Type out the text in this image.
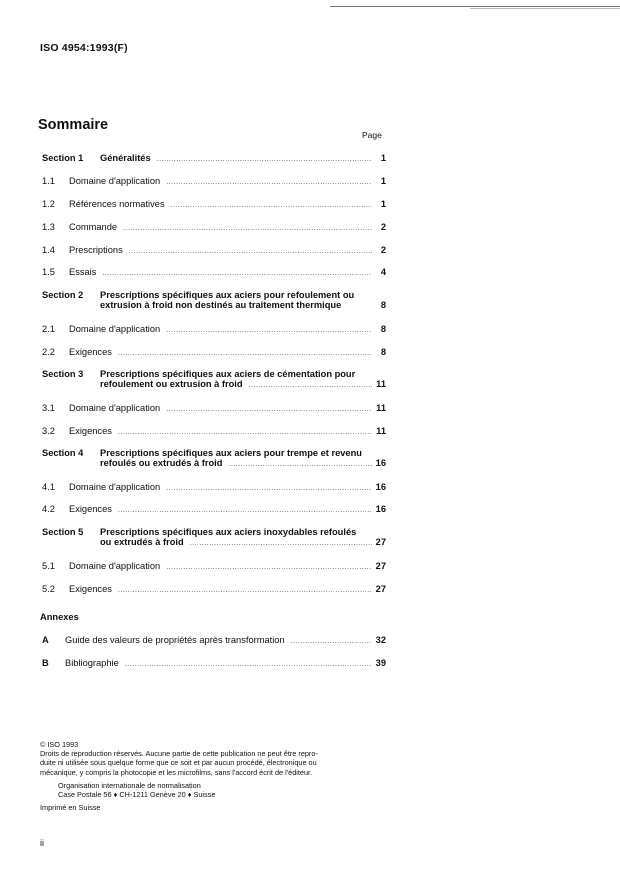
ISO 4954:1993(F)
Sommaire
Page
Section 1	Généralités .....	1
1.1	Domaine d'application .....	1
1.2	Références normatives .....	1
1.3	Commande .....	2
1.4	Prescriptions .....	2
1.5	Essais .....	4
Section 2	Prescriptions spécifiques aux aciers pour refoulement ou
extrusion à froid non destinés au traitement thermique	8
2.1	Domaine d'application .....	8
2.2	Exigences .....	8
Section 3	Prescriptions spécifiques aux aciers de cémentation pour
refoulement ou extrusion à froid .....	11
3.1	Domaine d'application .....	11
3.2	Exigences .....	11
Section 4	Prescriptions spécifiques aux aciers pour trempe et revenu
refoulés ou extrudés à froid .....	16
4.1	Domaine d'application .....	16
4.2	Exigences .....	16
Section 5	Prescriptions spécifiques aux aciers inoxydables refoulés
ou extrudés à froid .....	27
5.1	Domaine d'application .....	27
5.2	Exigences .....	27
Annexes
A	Guide des valeurs de propriétés après transformation .....	32
B	Bibliographie .....	39
© ISO 1993
Droits de reproduction réservés. Aucune partie de cette publication ne peut être repro-
duite ni utilisée sous quelque forme que ce soit et par aucun procédé, électronique ou
mécanique, y compris la photocopie et les microfilms, sans l'accord écrit de l'éditeur.
Organisation internationale de normalisation
Case Postale 56 ♦ CH-1211 Genève 20 ♦ Suisse
Imprimé en Suisse
ii
